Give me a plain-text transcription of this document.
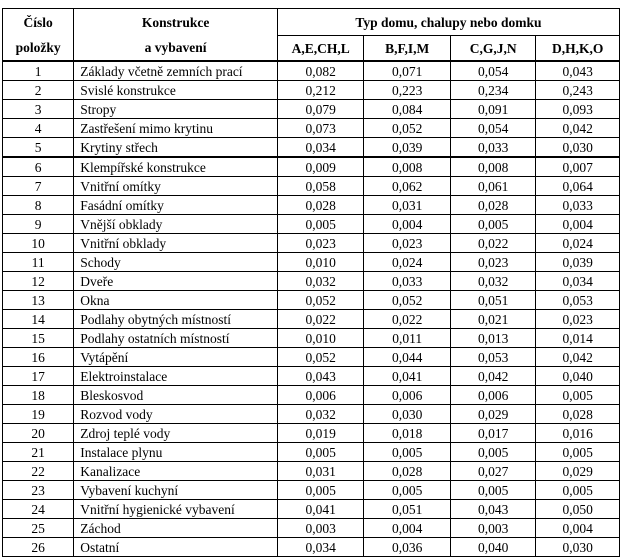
Číslo	Konstrukce	Typ domu, chalupy nebo domku			
položky	a vybavení	A,E,CH,L	B,F,I,M	C,G,J,N	D,H,K,O
1	Základy včetně zemních prací	0,082	0,071	0,054	0,043
2	Svislé konstrukce	0,212	0,223	0,234	0,243
3	Stropy	0,079	0,084	0,091	0,093
4	Zastřešení mimo krytinu	0,073	0,052	0,054	0,042
5	Krytiny střech	0,034	0,039	0,033	0,030
6	Klempířské konstrukce	0,009	0,008	0,008	0,007
7	Vnitřní omítky	0,058	0,062	0,061	0,064
8	Fasádní omítky	0,028	0,031	0,028	0,033
9	Vnější obklady	0,005	0,004	0,005	0,004
10	Vnitřní obklady	0,023	0,023	0,022	0,024
11	Schody	0,010	0,024	0,023	0,039
12	Dveře	0,032	0,033	0,032	0,034
13	Okna	0,052	0,052	0,051	0,053
14	Podlahy obytných místností	0,022	0,022	0,021	0,023
15	Podlahy ostatních místností	0,010	0,011	0,013	0,014
16	Vytápění	0,052	0,044	0,053	0,042
17	Elektroinstalace	0,043	0,041	0,042	0,040
18	Bleskosvod	0,006	0,006	0,006	0,005
19	Rozvod vody	0,032	0,030	0,029	0,028
20	Zdroj teplé vody	0,019	0,018	0,017	0,016
21	Instalace plynu	0,005	0,005	0,005	0,005
22	Kanalizace	0,031	0,028	0,027	0,029
23	Vybavení kuchyní	0,005	0,005	0,005	0,005
24	Vnitřní hygienické vybavení	0,041	0,051	0,043	0,050
25	Záchod	0,003	0,004	0,003	0,004
26	Ostatní	0,034	0,036	0,040	0,030
